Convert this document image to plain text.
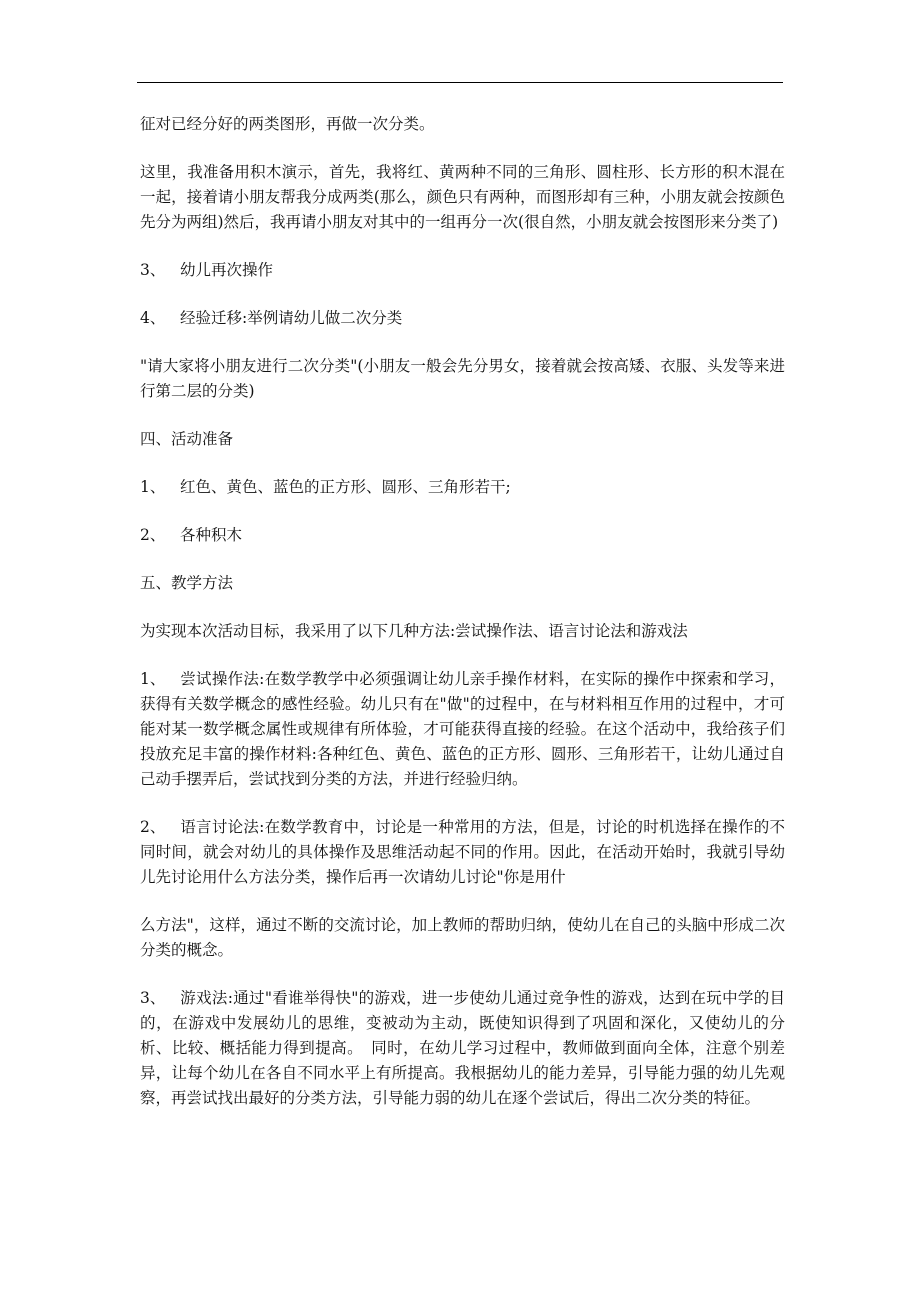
征对已经分好的两类图形，再做一次分类。

这里，我准备用积木演示，首先，我将红、黄两种不同的三角形、圆柱形、长方形的积木混在一起，接着请小朋友帮我分成两类(那么，颜色只有两种，而图形却有三种，小朋友就会按颜色先分为两组)然后，我再请小朋友对其中的一组再分一次(很自然，小朋友就会按图形来分类了)

3、 幼儿再次操作

4、 经验迁移:举例请幼儿做二次分类

"请大家将小朋友进行二次分类"(小朋友一般会先分男女，接着就会按高矮、衣服、头发等来进行第二层的分类)

四、活动准备

1、 红色、黄色、蓝色的正方形、圆形、三角形若干;

2、 各种积木

五、教学方法

为实现本次活动目标，我采用了以下几种方法:尝试操作法、语言讨论法和游戏法

1、 尝试操作法:在数学教学中必须强调让幼儿亲手操作材料，在实际的操作中探索和学习，获得有关数学概念的感性经验。幼儿只有在"做"的过程中，在与材料相互作用的过程中，才可能对某一数学概念属性或规律有所体验，才可能获得直接的经验。在这个活动中，我给孩子们投放充足丰富的操作材料:各种红色、黄色、蓝色的正方形、圆形、三角形若干，让幼儿通过自己动手摆弄后，尝试找到分类的方法，并进行经验归纳。

2、 语言讨论法:在数学教育中，讨论是一种常用的方法，但是，讨论的时机选择在操作的不同时间，就会对幼儿的具体操作及思维活动起不同的作用。因此，在活动开始时，我就引导幼儿先讨论用什么方法分类，操作后再一次请幼儿讨论"你是用什

么方法"，这样，通过不断的交流讨论，加上教师的帮助归纳，使幼儿在自己的头脑中形成二次分类的概念。

3、 游戏法:通过"看谁举得快"的游戏，进一步使幼儿通过竞争性的游戏，达到在玩中学的目的，在游戏中发展幼儿的思维，变被动为主动，既使知识得到了巩固和深化，又使幼儿的分析、比较、概括能力得到提高。　同时，在幼儿学习过程中，教师做到面向全体，注意个别差异，让每个幼儿在各自不同水平上有所提高。我根据幼儿的能力差异，引导能力强的幼儿先观察，再尝试找出最好的分类方法，引导能力弱的幼儿在逐个尝试后，得出二次分类的特征。
